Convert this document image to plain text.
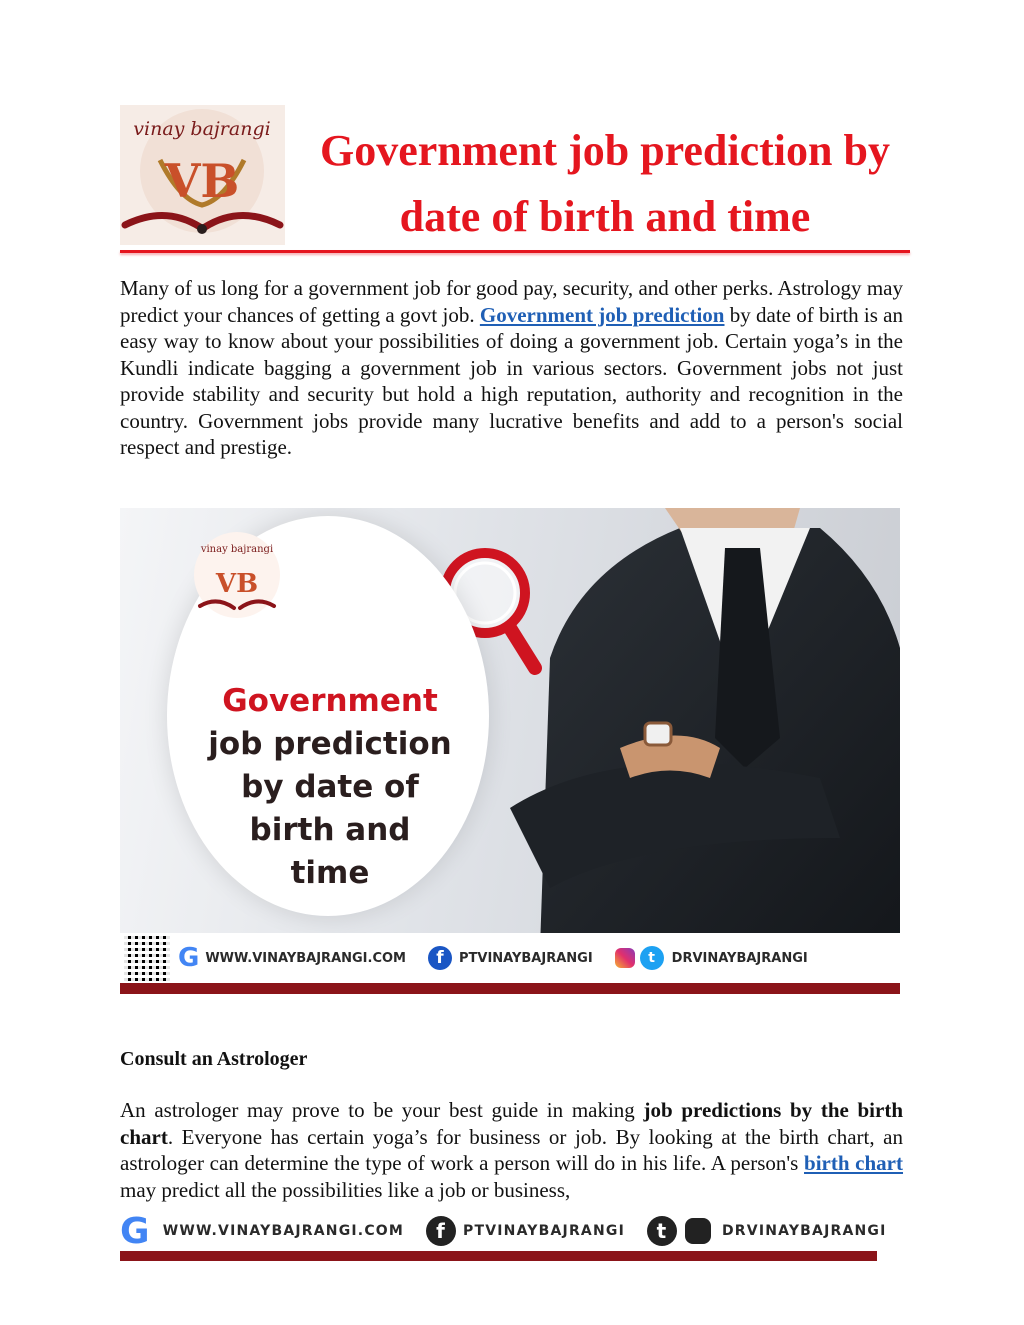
vinay bajrangi
VB
Government job prediction by date of birth and time

Many of us long for a government job for good pay, security, and other perks. Astrology may predict your chances of getting a govt job. Government job prediction by date of birth is an easy way to know about your possibilities of doing a government job. Certain yoga’s in the Kundli indicate bagging a government job in various sectors. Government jobs not just provide stability and security but hold a high reputation, authority and recognition in the country. Government jobs provide many lucrative benefits and add to a person's social respect and prestige.

vinay bajrangi
VB
Government
job prediction
by date of
birth and
time
G WWW.VINAYBAJRANGI.COM	f	PTVINAYBAJRANGI	t	DRVINAYBAJRANGI
Consult an Astrologer

An astrologer may prove to be your best guide in making job predictions by the birth chart. Everyone has certain yoga’s for business or job. By looking at the birth chart, an astrologer can determine the type of work a person will do in his life. A person's birth chart may predict all the possibilities like a job or business,

G WWW.VINAYBAJRANGI.COM	f	PTVINAYBAJRANGI	t	DRVINAYBAJRANGI
